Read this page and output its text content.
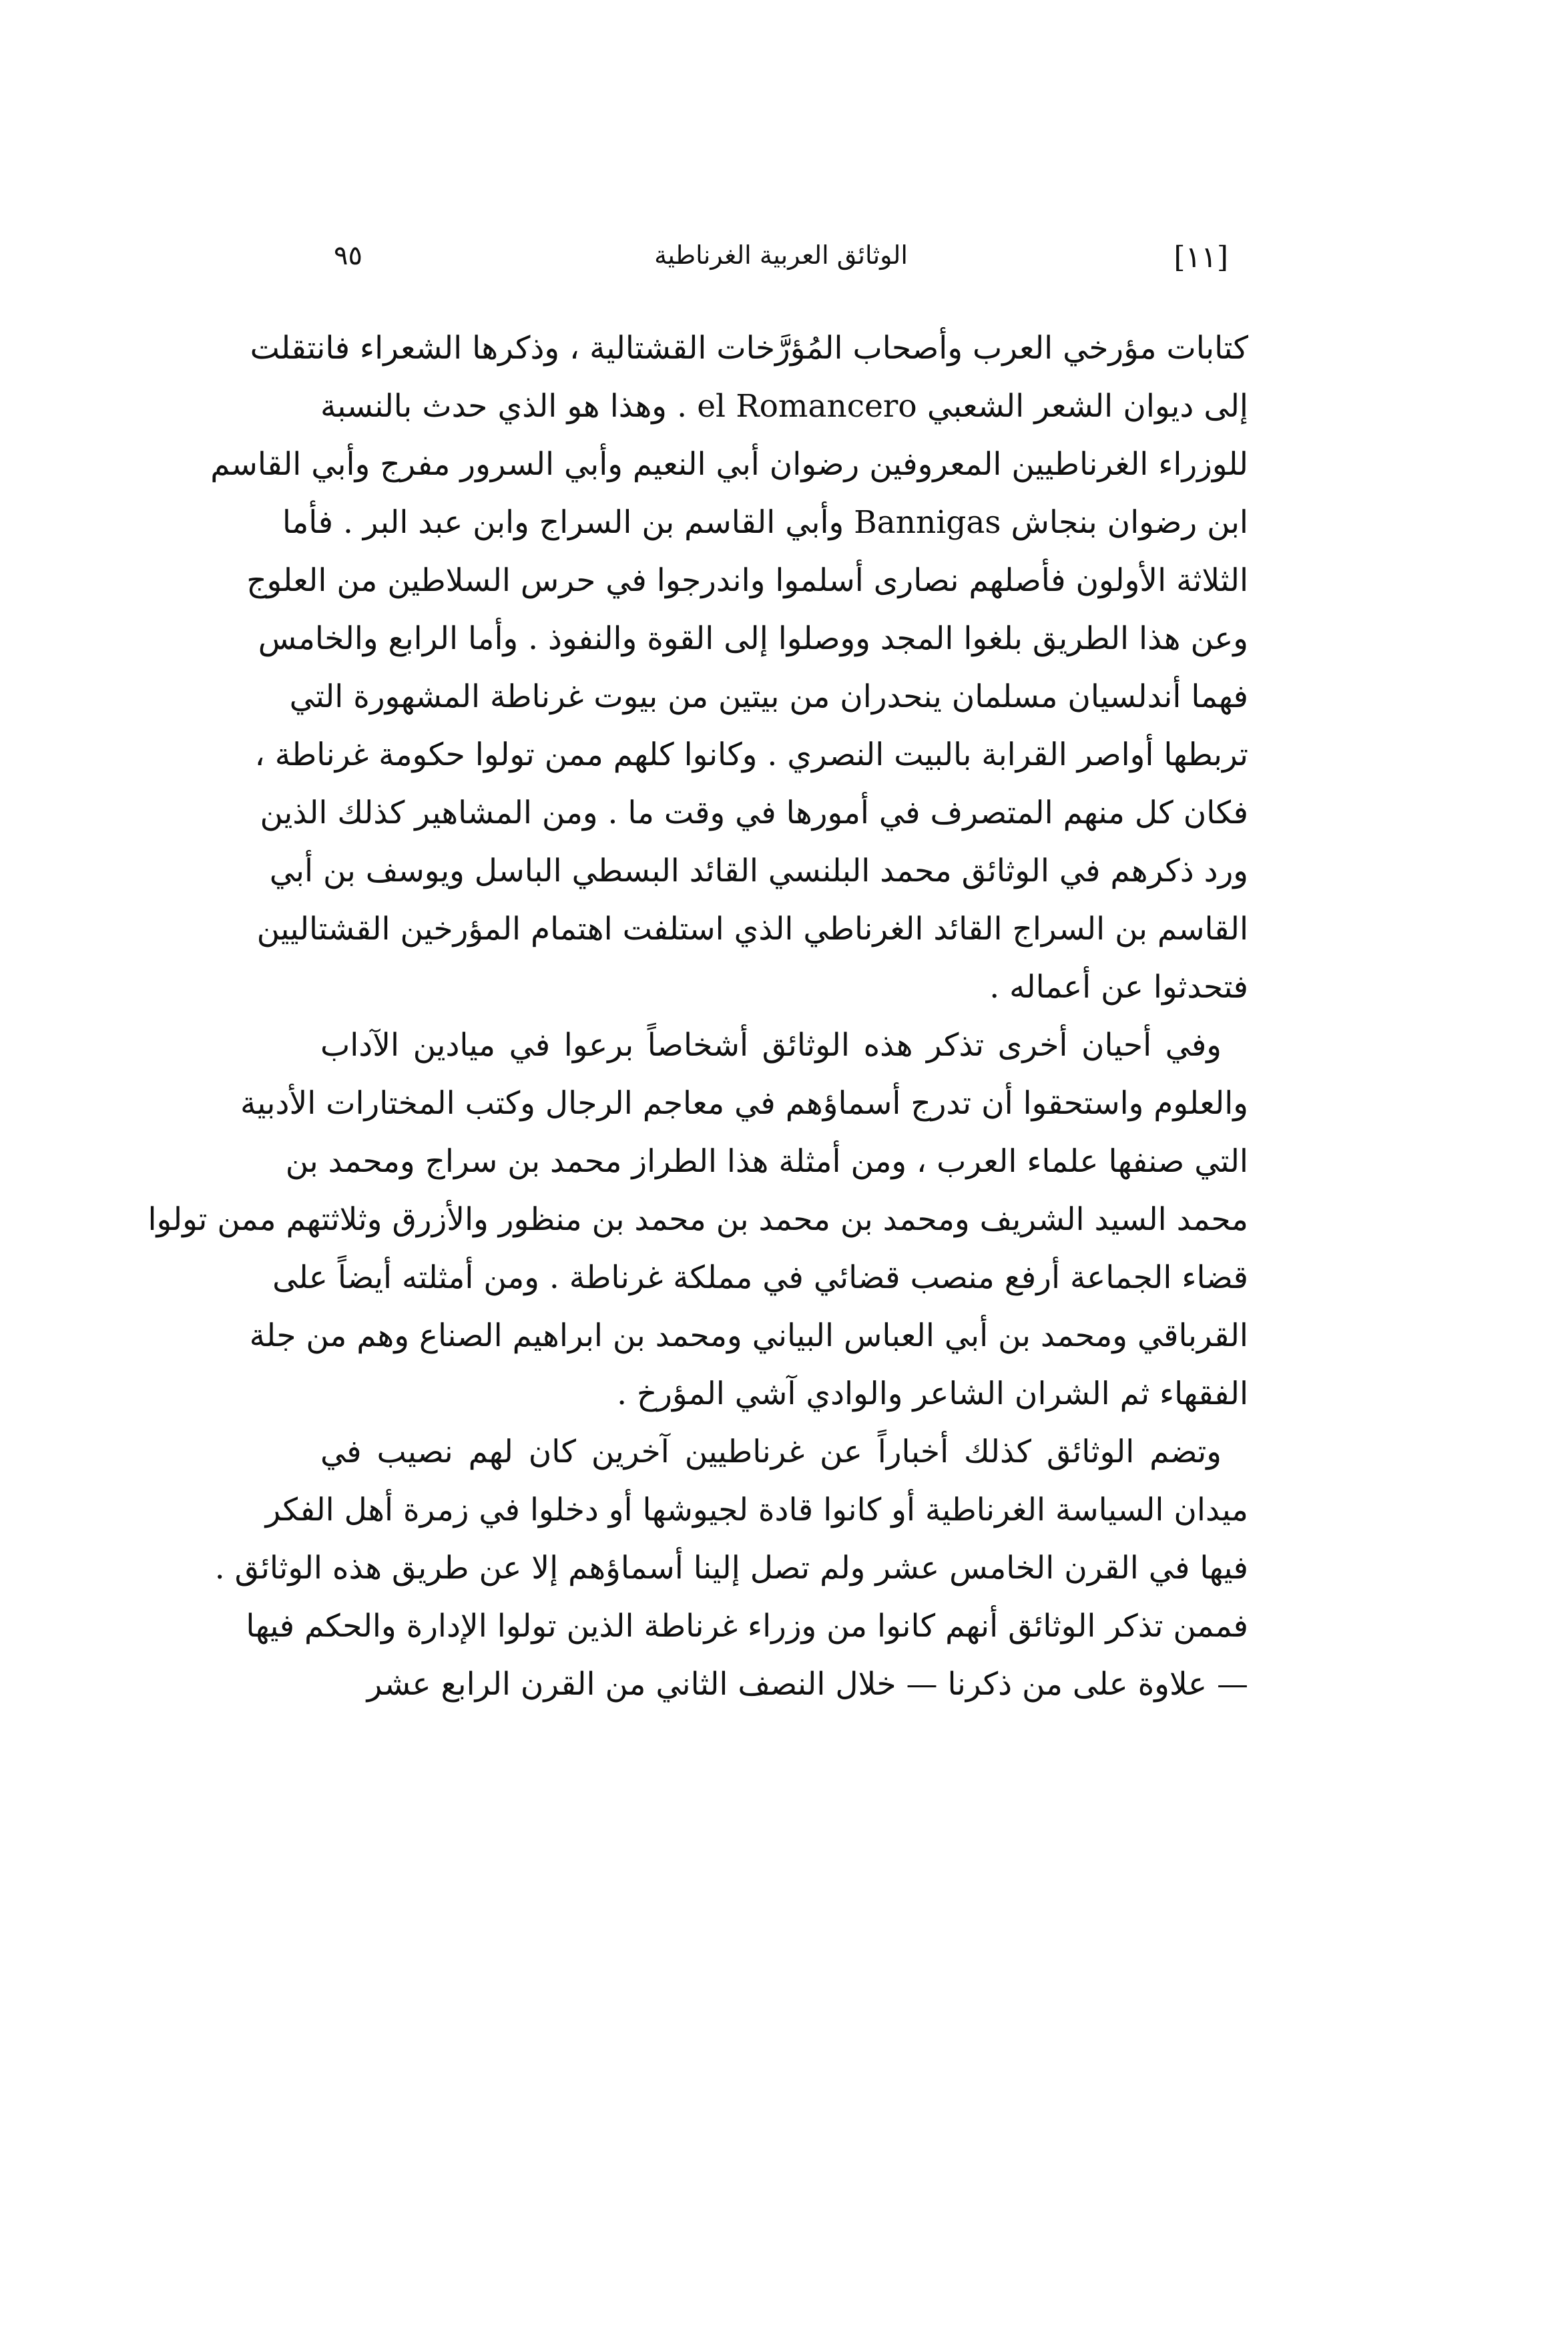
٩٥	الوثائق العربية الغرناطية	[١١]
كتابات مؤرخي العرب وأصحاب المُؤرَّخات القشتالية ، وذكرها الشعراء فانتقلت
إلى ديوان الشعر الشعبي el Romancero . وهذا هو الذي حدث بالنسبة
للوزراء الغرناطيين المعروفين رضوان أبي النعيم وأبي السرور مفرج وأبي القاسم
ابن رضوان بنجاش Bannigas وأبي القاسم بن السراج وابن عبد البر . فأما
الثلاثة الأولون فأصلهم نصارى أسلموا واندرجوا في حرس السلاطين من العلوج
وعن هذا الطريق بلغوا المجد ووصلوا إلى القوة والنفوذ . وأما الرابع والخامس
فهما أندلسيان مسلمان ينحدران من بيتين من بيوت غرناطة المشهورة التي
تربطها أواصر القرابة بالبيت النصري . وكانوا كلهم ممن تولوا حكومة غرناطة ،
فكان كل منهم المتصرف في أمورها في وقت ما . ومن المشاهير كذلك الذين
ورد ذكرهم في الوثائق محمد البلنسي القائد البسطي الباسل ويوسف بن أبي
القاسم بن السراج القائد الغرناطي الذي استلفت اهتمام المؤرخين القشتاليين
فتحدثوا عن أعماله .
وفي أحيان أخرى تذكر هذه الوثائق أشخاصاً برعوا في ميادين الآداب
والعلوم واستحقوا أن تدرج أسماؤهم في معاجم الرجال وكتب المختارات الأدبية
التي صنفها علماء العرب ، ومن أمثلة هذا الطراز محمد بن سراج ومحمد بن
محمد السيد الشريف ومحمد بن محمد بن محمد بن منظور والأزرق وثلاثتهم ممن تولوا
قضاء الجماعة أرفع منصب قضائي في مملكة غرناطة . ومن أمثلته أيضاً على
القرباقي ومحمد بن أبي العباس البياني ومحمد بن ابراهيم الصناع وهم من جلة
الفقهاء ثم الشران الشاعر والوادي آشي المؤرخ .
وتضم الوثائق كذلك أخباراً عن غرناطيين آخرين كان لهم نصيب في
ميدان السياسة الغرناطية أو كانوا قادة لجيوشها أو دخلوا في زمرة أهل الفكر
فيها في القرن الخامس عشر ولم تصل إلينا أسماؤهم إلا عن طريق هذه الوثائق .
فممن تذكر الوثائق أنهم كانوا من وزراء غرناطة الذين تولوا الإدارة والحكم فيها
— علاوة على من ذكرنا — خلال النصف الثاني من القرن الرابع عشر
